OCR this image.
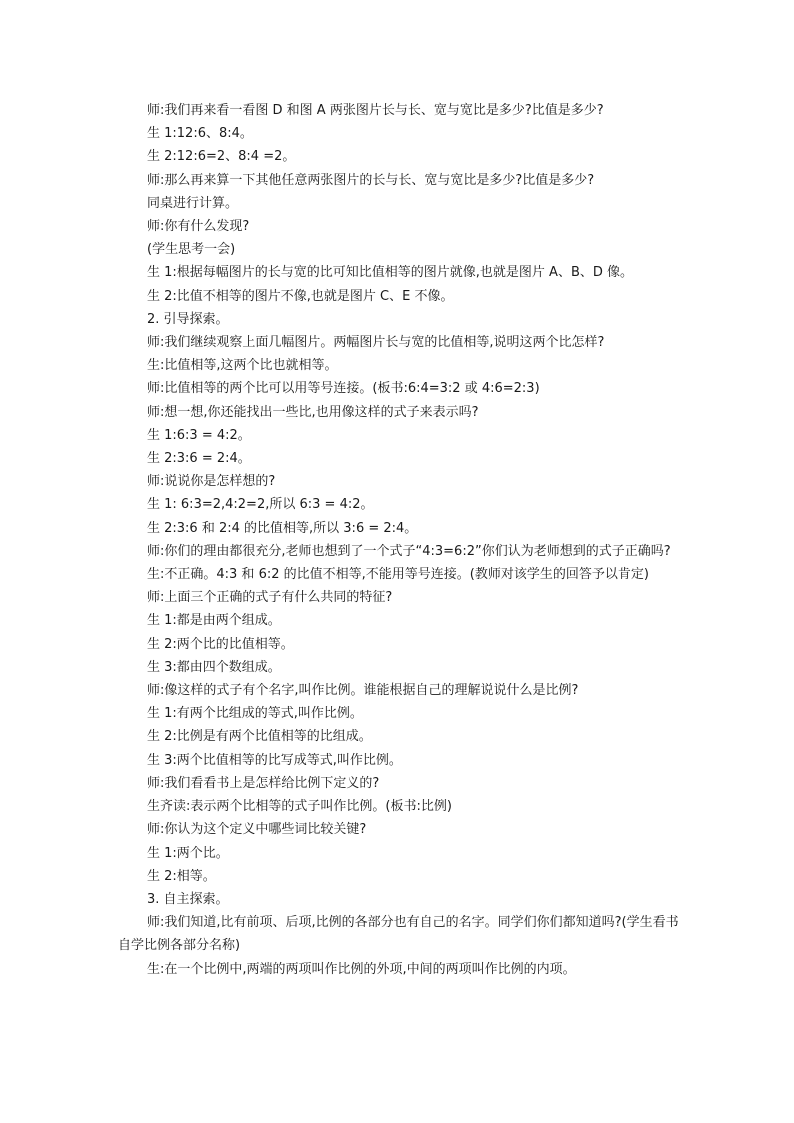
师:我们再来看一看图 D 和图 A 两张图片长与长、宽与宽比是多少?比值是多少?
生 1:12:6、8:4。
生 2:12:6=2、8:4 =2。
师:那么再来算一下其他任意两张图片的长与长、宽与宽比是多少?比值是多少?
同桌进行计算。
师:你有什么发现?
(学生思考一会)
生 1:根据每幅图片的长与宽的比可知比值相等的图片就像,也就是图片 A、B、D 像。
生 2:比值不相等的图片不像,也就是图片 C、E 不像。
2. 引导探索。
师:我们继续观察上面几幅图片。两幅图片长与宽的比值相等,说明这两个比怎样?
生:比值相等,这两个比也就相等。
师:比值相等的两个比可以用等号连接。(板书:6:4=3:2 或 4:6=2:3)
师:想一想,你还能找出一些比,也用像这样的式子来表示吗?
生 1:6:3 = 4:2。
生 2:3:6 = 2:4。
师:说说你是怎样想的?
生 1: 6:3=2,4:2=2,所以 6:3 = 4:2。
生 2:3:6 和 2:4 的比值相等,所以 3:6 = 2:4。
师:你们的理由都很充分,老师也想到了一个式子“4:3=6:2”你们认为老师想到的式子正确吗?
生:不正确。4:3 和 6:2 的比值不相等,不能用等号连接。(教师对该学生的回答予以肯定)
师:上面三个正确的式子有什么共同的特征?
生 1:都是由两个组成。
生 2:两个比的比值相等。
生 3:都由四个数组成。
师:像这样的式子有个名字,叫作比例。谁能根据自己的理解说说什么是比例?
生 1:有两个比组成的等式,叫作比例。
生 2:比例是有两个比值相等的比组成。
生 3:两个比值相等的比写成等式,叫作比例。
师:我们看看书上是怎样给比例下定义的?
生齐读:表示两个比相等的式子叫作比例。(板书:比例)
师:你认为这个定义中哪些词比较关键?
生 1:两个比。
生 2:相等。
3. 自主探索。
师:我们知道,比有前项、后项,比例的各部分也有自己的名字。同学们你们都知道吗?(学生看书自学比例各部分名称)
生:在一个比例中,两端的两项叫作比例的外项,中间的两项叫作比例的内项。
